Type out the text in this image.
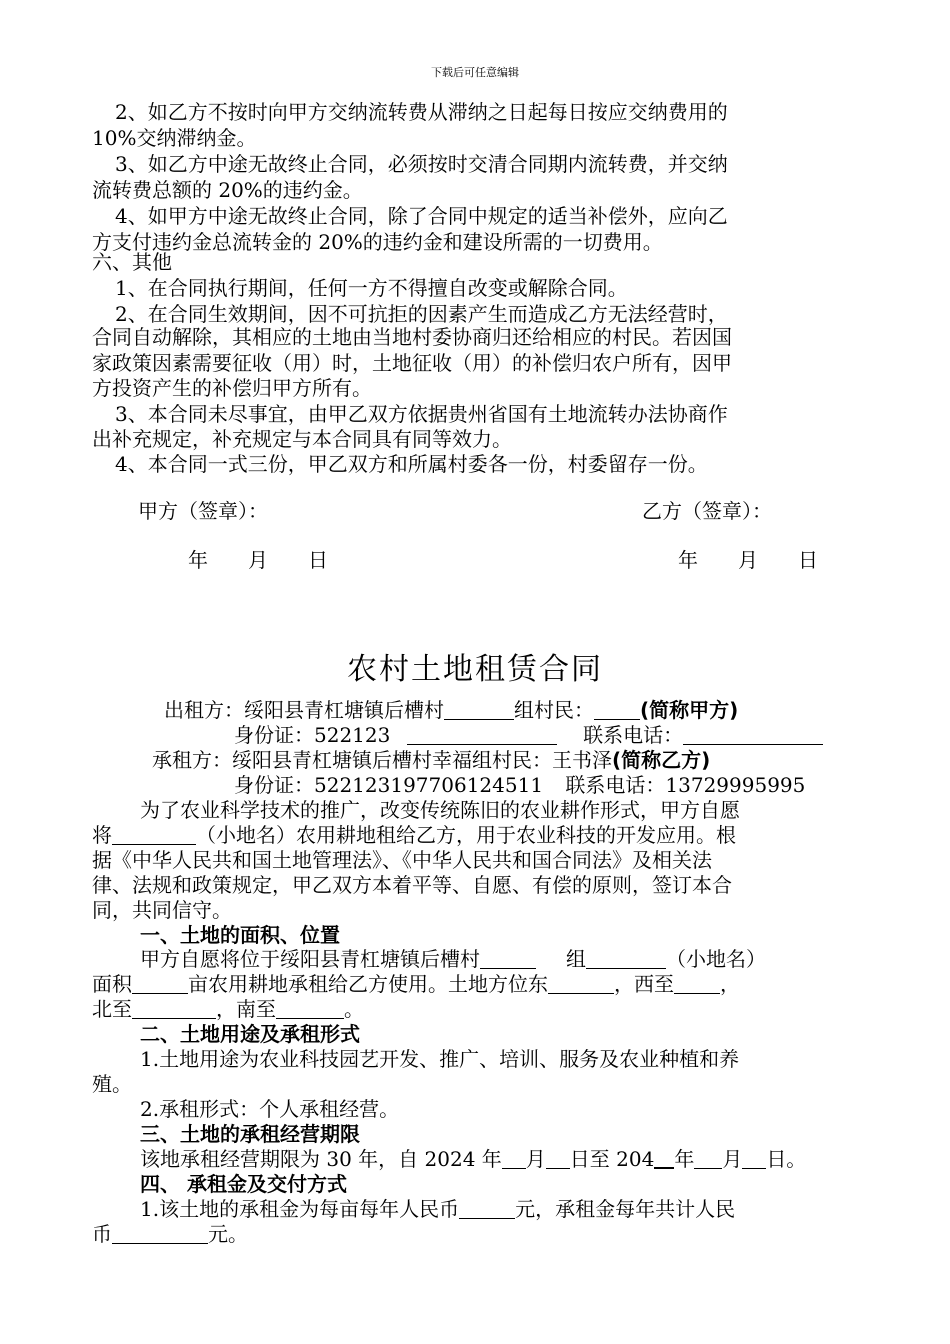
下载后可任意编辑
2、如乙方不按时向甲方交纳流转费从滞纳之日起每日按应交纳费用的
10%交纳滞纳金。
3、如乙方中途无故终止合同，必须按时交清合同期内流转费，并交纳
流转费总额的 20%的违约金。
4、如甲方中途无故终止合同，除了合同中规定的适当补偿外，应向乙
方支付违约金总流转金的 20%的违约金和建设所需的一切费用。
六、其他
1、在合同执行期间，任何一方不得擅自改变或解除合同。
2、在合同生效期间，因不可抗拒的因素产生而造成乙方无法经营时，
合同自动解除，其相应的土地由当地村委协商归还给相应的村民。若因国
家政策因素需要征收（用）时，土地征收（用）的补偿归农户所有，因甲
方投资产生的补偿归甲方所有。
3、本合同未尽事宜，由甲乙双方依据贵州省国有土地流转办法协商作
出补充规定，补充规定与本合同具有同等效力。
4、本合同一式三份，甲乙双方和所属村委各一份，村委留存一份。
甲方（签章）：	乙方（签章）：
年　　月　　日	年　　月　　日
农村土地租赁合同
出租方：绥阳县青杠塘镇后槽村	组村民： (简称甲方)
身份证：522123	联系电话：
承租方：绥阳县青杠塘镇后槽村幸福组村民：王书泽(简称乙方)
身份证：522123197706124511 联系电话：13729995995
为了农业科学技术的推广，改变传统陈旧的农业耕作形式，甲方自愿
将	（小地名）农用耕地租给乙方，用于农业科技的开发应用。根
据《中华人民共和国土地管理法》、《中华人民共和国合同法》及相关法
律、法规和政策规定，甲乙双方本着平等、自愿、有偿的原则，签订本合
同，共同信守。
一、土地的面积、位置
甲方自愿将位于绥阳县青杠塘镇后槽村	组	（小地名）
面积	亩农用耕地承租给乙方使用。土地方位东	，西至 ，
北至	，南至	。
二、土地用途及承租形式
1.土地用途为农业科技园艺开发、推广、培训、服务及农业种植和养
殖。
2.承租形式：个人承租经营。
三、土地的承租经营期限
该地承租经营期限为 30 年，自 2024 年 月 日至 204 年 月 日。
四、 承租金及交付方式
1.该土地的承租金为每亩每年人民币	元，承租金每年共计人民
币	元。
